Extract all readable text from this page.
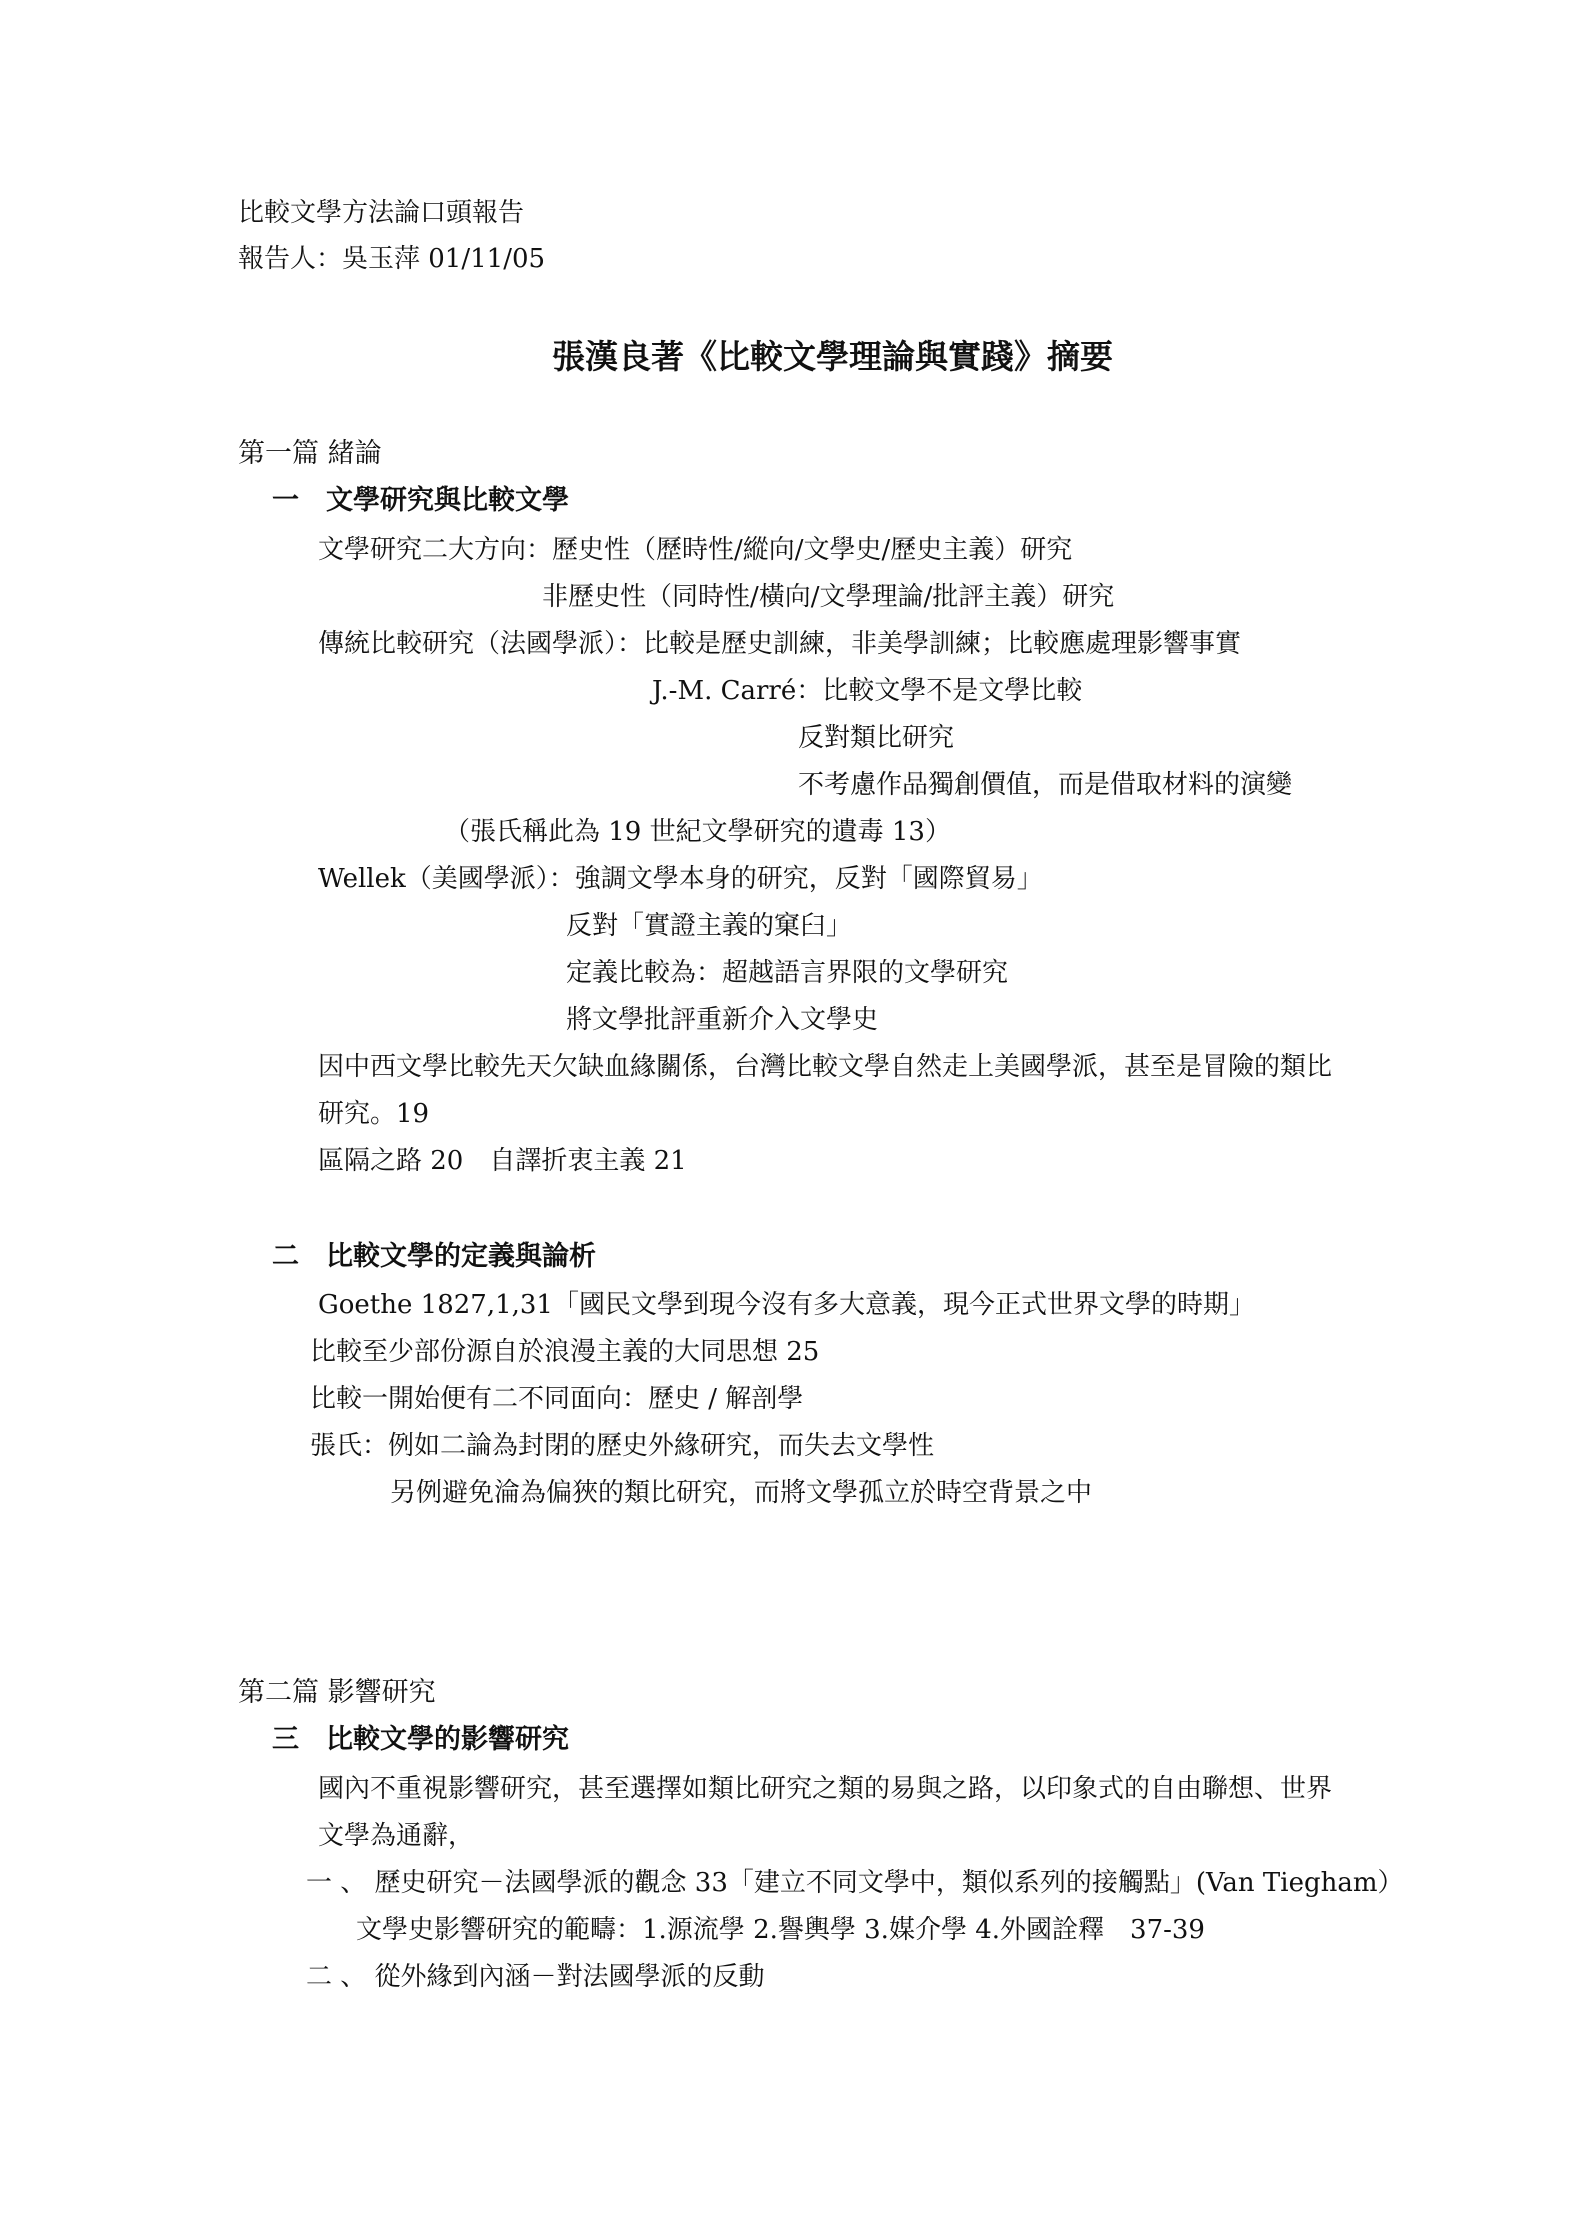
比較文學方法論口頭報告
報告人：吳玉萍 01/11/05
張漢良著《比較文學理論與實踐》摘要
第一篇 緒論
一　文學研究與比較文學
文學研究二大方向：歷史性（歷時性/縱向/文學史/歷史主義）研究
非歷史性（同時性/橫向/文學理論/批評主義）研究
傳統比較研究（法國學派）：比較是歷史訓練，非美學訓練；比較應處理影響事實
J.-M. Carré：比較文學不是文學比較
反對類比研究
不考慮作品獨創價值，而是借取材料的演變
（張氏稱此為 19 世紀文學研究的遺毒 13）
Wellek（美國學派）：強調文學本身的研究，反對「國際貿易」
反對「實證主義的窠臼」
定義比較為：超越語言界限的文學研究
將文學批評重新介入文學史
因中西文學比較先天欠缺血緣關係，台灣比較文學自然走上美國學派，甚至是冒險的類比
研究。19
區隔之路 20　自譯折衷主義 21
二　比較文學的定義與論析
Goethe 1827,1,31「國民文學到現今沒有多大意義，現今正式世界文學的時期」
比較至少部份源自於浪漫主義的大同思想 25
比較一開始便有二不同面向：歷史 / 解剖學
張氏：例如二論為封閉的歷史外緣研究，而失去文學性
另例避免淪為偏狹的類比研究，而將文學孤立於時空背景之中
第二篇 影響研究
三　比較文學的影響研究
國內不重視影響研究，甚至選擇如類比研究之類的易與之路，以印象式的自由聯想、世界
文學為通辭，
一 、 歷史研究－法國學派的觀念 33「建立不同文學中，類似系列的接觸點」(Van Tiegham）
文學史影響研究的範疇：1.源流學 2.譽輿學 3.媒介學 4.外國詮釋　37-39
二 、 從外緣到內涵－對法國學派的反動
